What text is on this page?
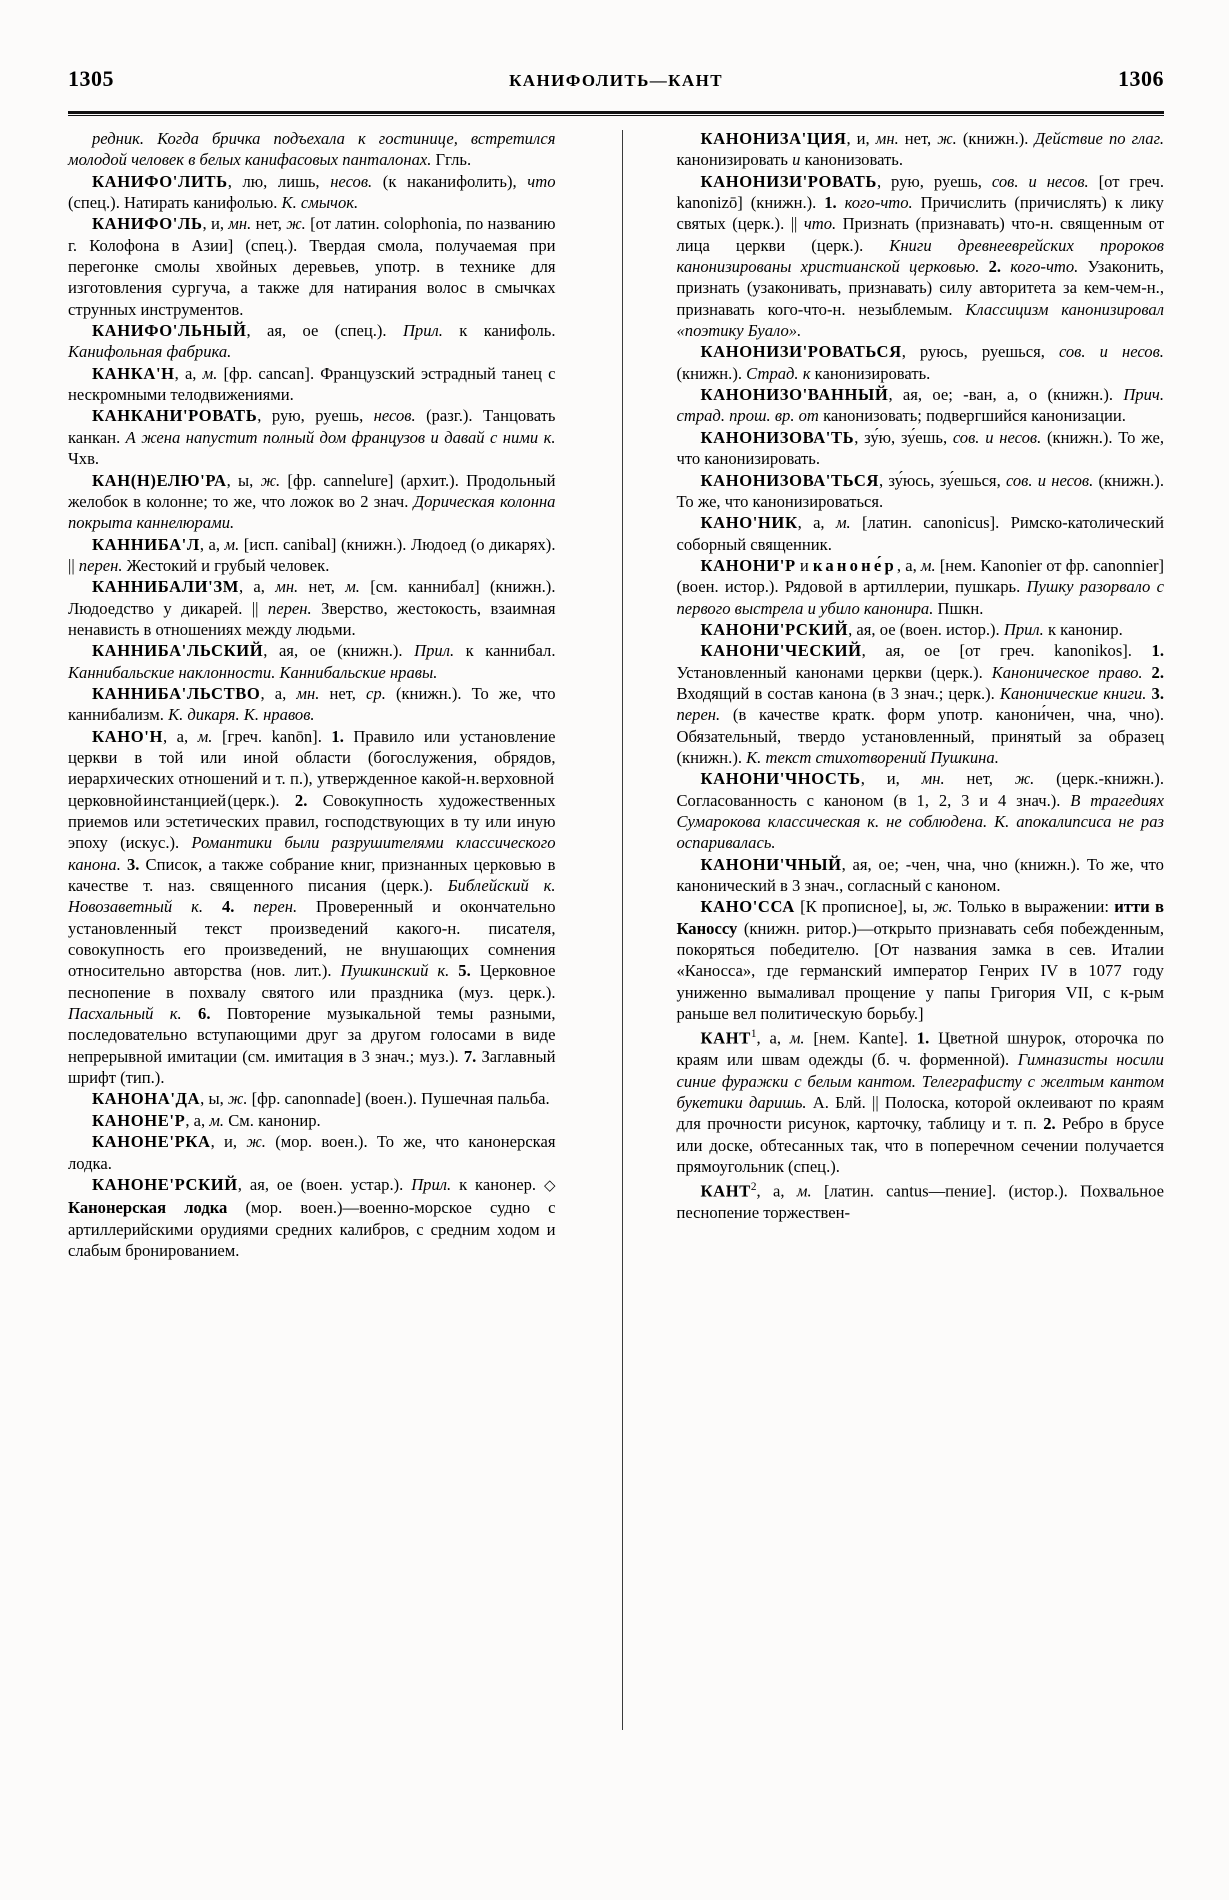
1305	КАНИФОЛИТЬ—КАНТ	1306

редник. Когда бричка подъехала к гостинице, встретился молодой человек в белых канифасовых панталонах. Ггль.

КАНИФО'ЛИТЬ, лю, лишь, несов. (к наканифолить), что (спец.). Натирать канифолью. К. смычок.

КАНИФО'ЛЬ, и, мн. нет, ж. [от латин. colophonia, по названию г. Колофона в Азии] (спец.). Твердая смола, получаемая при перегонке смолы хвойных деревьев, употр. в технике для изготовления сургуча, а также для натирания волос в смычках струнных инструментов.

КАНИФО'ЛЬНЫЙ, ая, ое (спец.). Прил. к канифоль. Канифольная фабрика.

КАНКА'Н, а, м. [фр. cancan]. Французский эстрадный танец с нескромными телодвижениями.

КАНКАНИ'РОВАТЬ, рую, руешь, несов. (разг.). Танцовать канкан. А жена напустит полный дом французов и давай с ними к. Чхв.

КАН(Н)ЕЛЮ'РА, ы, ж. [фр. cannelure] (архит.). Продольный желобок в колонне; то же, что ложок во 2 знач. Дорическая колонна покрыта каннелюрами.

КАННИБА'Л, а, м. [исп. canibal] (книжн.). Людоед (о дикарях). || перен. Жестокий и грубый человек.

КАННИБАЛИ'ЗМ, а, мн. нет, м. [см. каннибал] (книжн.). Людоедство у дикарей. || перен. Зверство, жестокость, взаимная ненависть в отношениях между людьми.

КАННИБА'ЛЬСКИЙ, ая, ое (книжн.). Прил. к каннибал. Каннибальские наклонности. Каннибальские нравы.

КАННИБА'ЛЬСТВО, а, мн. нет, ср. (книжн.). То же, что каннибализм. К. дикаря. К. нравов.

КАНО'Н, а, м. [греч. kanōn]. 1. Правило или установление церкви в той или иной области (богослужения, обрядов, иерархических отношений и т. п.), утвержденное какой-н. верховной церковной инстанцией (церк.). 2. Совокупность художественных приемов или эстетических правил, господствующих в ту или иную эпоху (искус.). Романтики были разрушителями классического канона. 3. Список, а также собрание книг, признанных церковью в качестве т. наз. священного писания (церк.). Библейский к. Новозаветный к. 4. перен. Проверенный и окончательно установленный текст произведений какого-н. писателя, совокупность его произведений, не внушающих сомнения относительно авторства (нов. лит.). Пушкинский к. 5. Церковное песнопение в похвалу святого или праздника (муз. церк.). Пасхальный к. 6. Повторение музыкальной темы разными, последовательно вступающими друг за другом голосами в виде непрерывной имитации (см. имитация в 3 знач.; муз.). 7. Заглавный шрифт (тип.).

КАНОНА'ДА, ы, ж. [фр. canonnade] (воен.). Пушечная пальба.

КАНОНЕ'Р, а, м. См. канонир.

КАНОНЕ'РКА, и, ж. (мор. воен.). То же, что канонерская лодка.

КАНОНЕ'РСКИЙ, ая, ое (воен. устар.). Прил. к канонер. ◇ Канонерская лодка (мор. воен.)—военно-морское судно с артиллерийскими орудиями средних калибров, с средним ходом и слабым бронированием.

КАНОНИЗА'ЦИЯ, и, мн. нет, ж. (книжн.). Действие по глаг. канонизировать и канонизовать.

КАНОНИЗИ'РОВАТЬ, рую, руешь, сов. и несов. [от греч. kanonizō] (книжн.). 1. кого-что. Причислить (причислять) к лику святых (церк.). || что. Признать (признавать) что-н. священным от лица церкви (церк.). Книги древнееврейских пророков канонизированы христианской церковью. 2. кого-что. Узаконить, признать (узаконивать, признавать) силу авторитета за кем-чем-н., признавать кого-что-н. незыблемым. Классицизм канонизировал «поэтику Буало».

КАНОНИЗИ'РОВАТЬСЯ, руюсь, руешься, сов. и несов. (книжн.). Страд. к канонизировать.

КАНОНИЗО'ВАННЫЙ, ая, ое; -ван, а, о (книжн.). Прич. страд. прош. вр. от канонизовать; подвергшийся канонизации.

КАНОНИЗОВА'ТЬ, зу́ю, зу́ешь, сов. и несов. (книжн.). То же, что канонизировать.

КАНОНИЗОВА'ТЬСЯ, зу́юсь, зу́ешься, сов. и несов. (книжн.). То же, что канонизироваться.

КАНО'НИК, а, м. [латин. canonicus]. Римско-католический соборный священник.

КАНОНИ'Р и каноне́р, а, м. [нем. Kanonier от фр. canonnier] (воен. истор.). Рядовой в артиллерии, пушкарь. Пушку разорвало с первого выстрела и убило канонира. Пшкн.

КАНОНИ'РСКИЙ, ая, ое (воен. истор.). Прил. к канонир.

КАНОНИ'ЧЕСКИЙ, ая, ое [от греч. kanonikos]. 1. Установленный канонами церкви (церк.). Каноническое право. 2. Входящий в состав канона (в 3 знач.; церк.). Канонические книги. 3. перен. (в качестве кратк. форм употр. канони́чен, чна, чно). Обязательный, твердо установленный, принятый за образец (книжн.). К. текст стихотворений Пушкина.

КАНОНИ'ЧНОСТЬ, и, мн. нет, ж. (церк.-книжн.). Согласованность с каноном (в 1, 2, 3 и 4 знач.). В трагедиях Сумарокова классическая к. не соблюдена. К. апокалипсиса не раз оспаривалась.

КАНОНИ'ЧНЫЙ, ая, ое; -чен, чна, чно (книжн.). То же, что канонический в 3 знач., согласный с каноном.

КАНО'ССА [К прописное], ы, ж. Только в выражении: итти в Каноссу (книжн. ритор.)—открыто признавать себя побежденным, покоряться победителю. [От названия замка в сев. Италии «Каносса», где германский император Генрих IV в 1077 году униженно вымаливал прощение у папы Григория VII, с к-рым раньше вел политическую борьбу.]

КАНТ$^1$, а, м. [нем. Kante]. 1. Цветной шнурок, оторочка по краям или швам одежды (б. ч. форменной). Гимназисты носили синие фуражки с белым кантом. Телеграфисту с желтым кантом букетики даришь. А. Блй. || Полоска, которой оклеивают по краям для прочности рисунок, карточку, таблицу и т. п. 2. Ребро в брусе или доске, обтесанных так, что в поперечном сечении получается прямоугольник (спец.).

КАНТ$^2$, а, м. [латин. cantus—пение]. (истор.). Похвальное песнопение торжествен-
